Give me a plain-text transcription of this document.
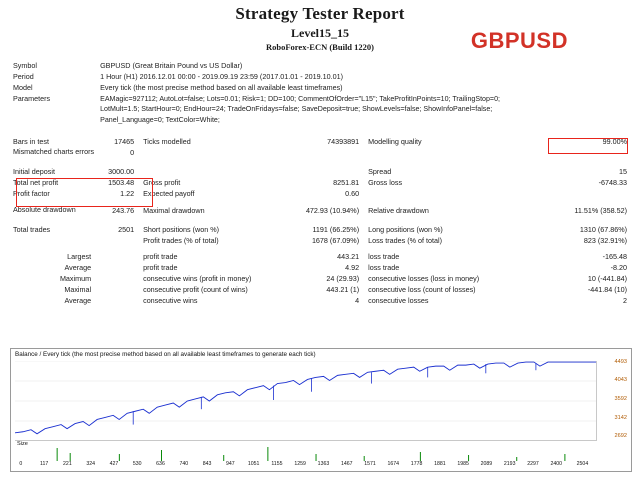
Strategy Tester Report
Level15_15
RoboForex-ECN (Build 1220)	GBPUSD
Symbol	GBPUSD (Great Britain Pound vs US Dollar)				
Period	1 Hour (H1) 2016.12.01 00:00 - 2019.09.19 23:59 (2017.01.01 - 2019.10.01)				
Model	Every tick (the most precise method based on all available least timeframes)				
Parameters	EAMagic=927112; AutoLot=false; Lots=0.01; Risk=1; DD=100; CommentOfOrder="L15"; TakeProfitInPoints=10; TrailingStop=0;
LotMult=1.5; StartHour=0; EndHour=24; TradeOnFridays=false; SaveDeposit=true; ShowLevels=false; ShowInfoPanel=false;
Panel_Language=0; TextColor=White;				

Bars in test	17465	Ticks modelled	74393891	Modelling quality	99.00%
Mismatched charts errors	0				

Initial deposit	3000.00			Spread	15
Total net profit	1503.48	Gross profit	8251.81	Gross loss	-6748.33
Profit factor	1.22	Expected payoff	0.60		

Absolute drawdown	243.76	Maximal drawdown	472.93 (10.94%)	Relative drawdown	11.51% (358.52)

Total trades	2501	Short positions (won %)	1191 (66.25%)	Long positions (won %)	1310 (67.86%)
		Profit trades (% of total)	1678 (67.09%)	Loss trades (% of total)	823 (32.91%)

Largest		profit trade	443.21	loss trade	-165.48
Average		profit trade	4.92	loss trade	-8.20
Maximum		consecutive wins (profit in money)	24 (29.93)	consecutive losses (loss in money)	10 (-441.84)
Maximal		consecutive profit (count of wins)	443.21 (1)	consecutive loss (count of losses)	-441.84 (10)
Average		consecutive wins	4	consecutive losses	2
Balance / Every tick (the most precise method based on all available least timeframes to generate each tick)
4493
4043
3592
3142
2692
Size
0	117	221	324	427	530	636	740	843	947	1051 1155 1259 1363 1467 1571 1674 1778 1881 1985 2089 2193 2297 2400	2504
